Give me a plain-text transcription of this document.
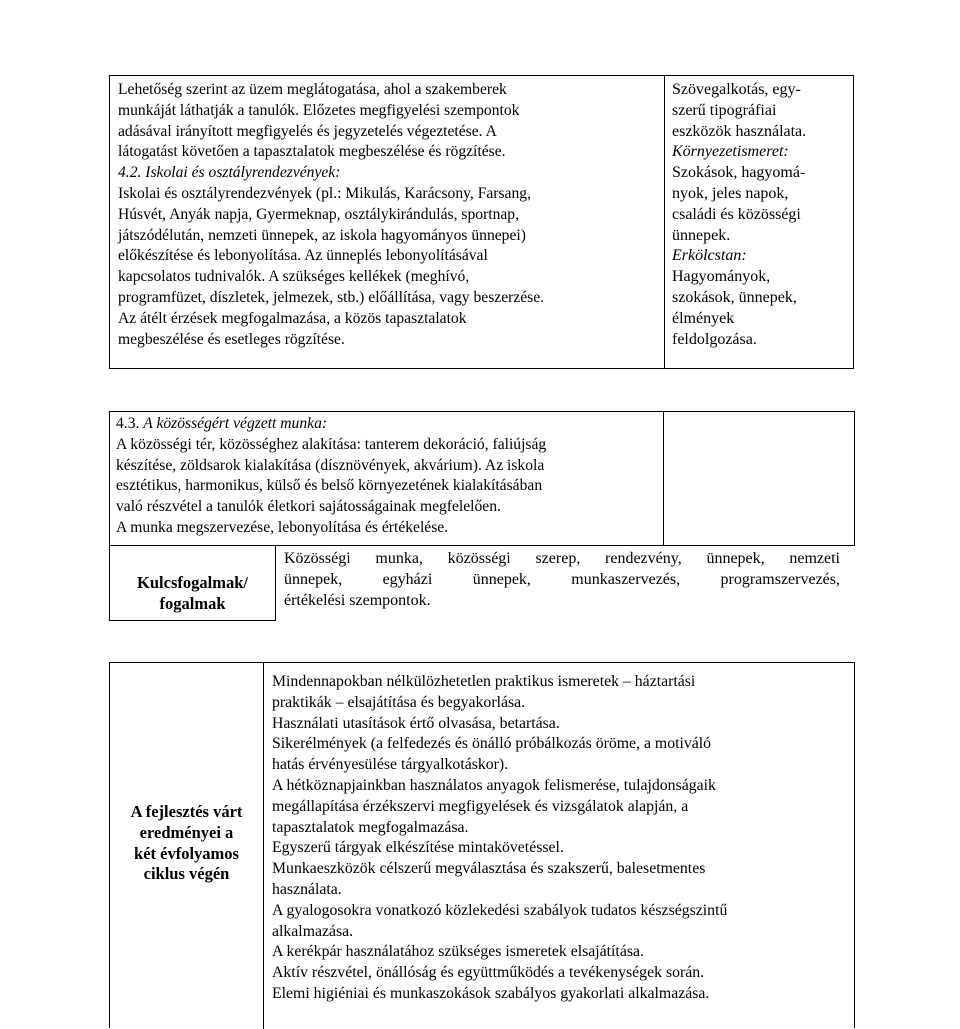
Lehetőség szerint az üzem meglátogatása, ahol a szakemberek
munkáját láthatják a tanulók. Előzetes megfigyelési szempontok
adásával irányított megfigyelés és jegyzetelés végeztetése. A
látogatást követően a tapasztalatok megbeszélése és rögzítése.
4.2. Iskolai és osztályrendezvények:
Iskolai és osztályrendezvények (pl.: Mikulás, Karácsony, Farsang,
Húsvét, Anyák napja, Gyermeknap, osztálykirándulás, sportnap,
játszódélután, nemzeti ünnepek, az iskola hagyományos ünnepei)
előkészítése és lebonyolítása. Az ünneplés lebonyolításával
kapcsolatos tudnivalók. A szükséges kellékek (meghívó,
programfüzet, díszletek, jelmezek, stb.) előállítása, vagy beszerzése.
Az átélt érzések megfogalmazása, a közös tapasztalatok
megbeszélése és esetleges rögzítése.
Szövegalkotás, egy-
szerű tipográfiai
eszközök használata.
Környezetismeret:
Szokások, hagyomá-
nyok, jeles napok,
családi és közösségi
ünnepek.
Erkölcstan:
Hagyományok,
szokások, ünnepek,
élmények
feldolgozása.
4.3. A közösségért végzett munka:
A közösségi tér, közösséghez alakítása: tanterem dekoráció, faliújság
készítése, zöldsarok kialakítása (dísznövények, akvárium). Az iskola
esztétikus, harmonikus, külső és belső környezetének kialakításában
való részvétel a tanulók életkori sajátosságainak megfelelően.
A munka megszervezése, lebonyolítása és értékelése.
Kulcsfogalmak/
fogalmak
Közösségi munka, közösségi szerep, rendezvény, ünnepek, nemzeti
ünnepek, egyházi ünnepek, munkaszervezés, programszervezés,
értékelési szempontok.
A fejlesztés várt
eredményei a
két évfolyamos
ciklus végén
Mindennapokban nélkülözhetetlen praktikus ismeretek – háztartási
praktikák – elsajátítása és begyakorlása.
Használati utasítások értő olvasása, betartása.
Sikerélmények (a felfedezés és önálló próbálkozás öröme, a motiváló
hatás érvényesülése tárgyalkotáskor).
A hétköznapjainkban használatos anyagok felismerése, tulajdonságaik
megállapítása érzékszervi megfigyelések és vizsgálatok alapján, a
tapasztalatok megfogalmazása.
Egyszerű tárgyak elkészítése mintakövetéssel.
Munkaeszközök célszerű megválasztása és szakszerű, balesetmentes
használata.
A gyalogosokra vonatkozó közlekedési szabályok tudatos készségszintű
alkalmazása.
A kerékpár használatához szükséges ismeretek elsajátítása.
Aktív részvétel, önállóság és együttműködés a tevékenységek során.
Elemi higiéniai és munkaszokások szabályos gyakorlati alkalmazása.
